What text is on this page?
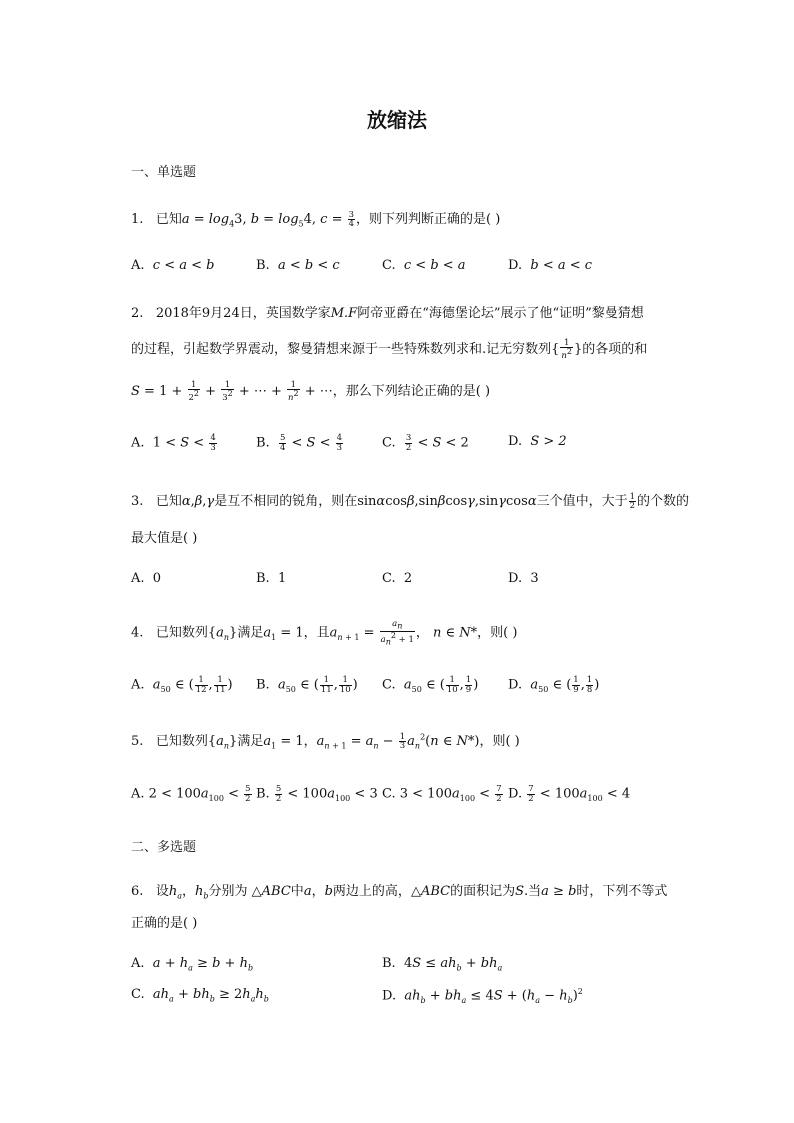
放缩法
一、单选题
1. 已知$a = \log_43$, $b = \log_54$, $c = \frac{3}{4}$ ，则下列判断正确的是( )
A. c < a < b	B. a < b < c	C. c < b < a	D. b < a < c
2. 2018年9月24日，英国数学家M.F阿帝亚爵在“海德堡论坛”展示了他“证明”黎曼猜想
的过程，引起数学界震动，黎曼猜想来源于一些特殊数列求和.记无穷数列{ $\frac{1}{n^2}$ }的各项的和
$S = 1 + \frac{1}{2^2} + \frac{1}{3^2}$ + ⋯ + $\frac{1}{n^2}$ + ⋯，那么下列结论正确的是( )
A.  $1 < S < \frac{4}{3}$	B. $\frac{5}{4} < S < \frac{4}{3}$	C. $\frac{3}{2} < S < 2$	D. S > 2
3. 已知α,β,γ是互不相同的锐角，则在sinαcosβ,sinβcosγ,sinγcosα三个值中，大于 $\frac{1}{2}$ 的个数的
最大值是( )
A. 0	B. 1	C. 2	D. 3
4. 已知数列$\{a_n\}$满足$a_1 = 1$，且$a_{n + 1} = \frac{a_n}{a_n^2 + 1}$ ， n ∈ N*，则( )
A. $a_{50}$ ∈ ( $\frac{1}{12}$ , $\frac{1}{11}$ ) B. $a_{50}$ ∈ ( $\frac{1}{11}$ , $\frac{1}{10}$ ) C. $a_{50}$ ∈ ( $\frac{1}{10}$ , $\frac{1}{9}$ ) D. $a_{50}$ ∈ ( $\frac{1}{9}$ , $\frac{1}{8}$ )
5. 已知数列$\{a_n\}$满足$a_1 = 1$，$a_{n + 1} = a_n - \frac{1}{3} a_n^2(n$ ∈ N*)，则( )
A. $2 < 100a_{100} < \frac{5}{2} B$. $\frac{5}{2} < 100a_{100} < 3$ C. $3 < 100a_{100} < \frac{7}{2} D$. $\frac{7}{2} < 100a_{100} < 4$
二、多选题
6. 设$h_a$，$h_b$分别为 △ABC中a，b两边上的高，△ABC的面积记为S.当a ≥ b时，下列不等式
正确的是( )
A. $a + h_a \ge b + h_b$	B.  $4S \le ah_b + bh_a$
C. $ah_a + bh_b \ge 2h_ah_b$	D. $ah_b + bh_a \le 4S + (h_a - h_b)^2$
